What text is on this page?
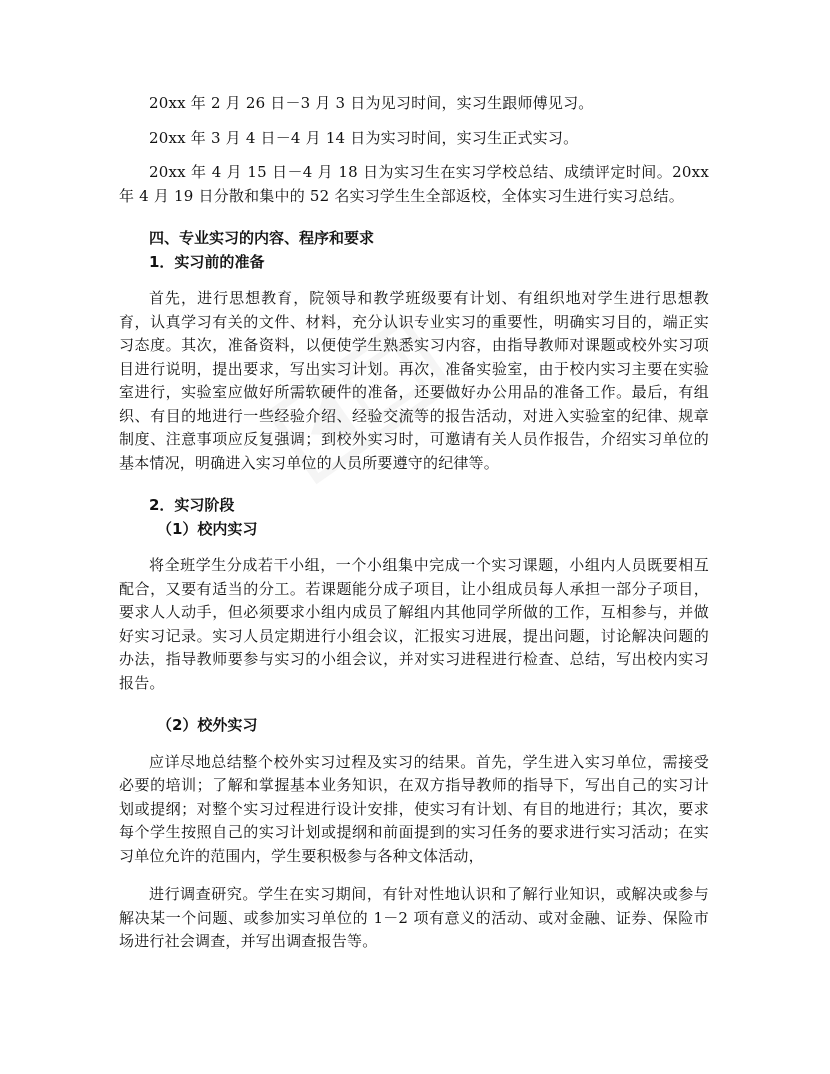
20xx 年 2 月 26 日－3 月 3 日为见习时间，实习生跟师傅见习。

20xx 年 3 月 4 日－4 月 14 日为实习时间，实习生正式实习。

20xx 年 4 月 15 日－4 月 18 日为实习生在实习学校总结、成绩评定时间。20xx 年 4 月 19 日分散和集中的 52 名实习学生生全部返校，全体实习生进行实习总结。

四、专业实习的内容、程序和要求

1．实习前的准备

首先，进行思想教育，院领导和教学班级要有计划、有组织地对学生进行思想教育，认真学习有关的文件、材料，充分认识专业实习的重要性，明确实习目的，端正实习态度。其次，准备资料，以便使学生熟悉实习内容，由指导教师对课题或校外实习项目进行说明，提出要求，写出实习计划。再次，准备实验室，由于校内实习主要在实验室进行，实验室应做好所需软硬件的准备，还要做好办公用品的准备工作。最后，有组织、有目的地进行一些经验介绍、经验交流等的报告活动，对进入实验室的纪律、规章制度、注意事项应反复强调；到校外实习时，可邀请有关人员作报告，介绍实习单位的基本情况，明确进入实习单位的人员所要遵守的纪律等。

2．实习阶段

（1）校内实习

将全班学生分成若干小组，一个小组集中完成一个实习课题，小组内人员既要相互配合，又要有适当的分工。若课题能分成子项目，让小组成员每人承担一部分子项目，要求人人动手，但必须要求小组内成员了解组内其他同学所做的工作，互相参与，并做好实习记录。实习人员定期进行小组会议，汇报实习进展，提出问题，讨论解决问题的办法，指导教师要参与实习的小组会议，并对实习进程进行检查、总结，写出校内实习报告。

（2）校外实习

应详尽地总结整个校外实习过程及实习的结果。首先，学生进入实习单位，需接受必要的培训；了解和掌握基本业务知识，在双方指导教师的指导下，写出自己的实习计划或提纲；对整个实习过程进行设计安排，使实习有计划、有目的地进行；其次，要求每个学生按照自己的实习计划或提纲和前面提到的实习任务的要求进行实习活动；在实习单位允许的范围内，学生要积极参与各种文体活动，

进行调查研究。学生在实习期间，有针对性地认识和了解行业知识，或解决或参与解决某一个问题、或参加实习单位的 1－2 项有意义的活动、或对金融、证券、保险市场进行社会调查，并写出调查报告等。
